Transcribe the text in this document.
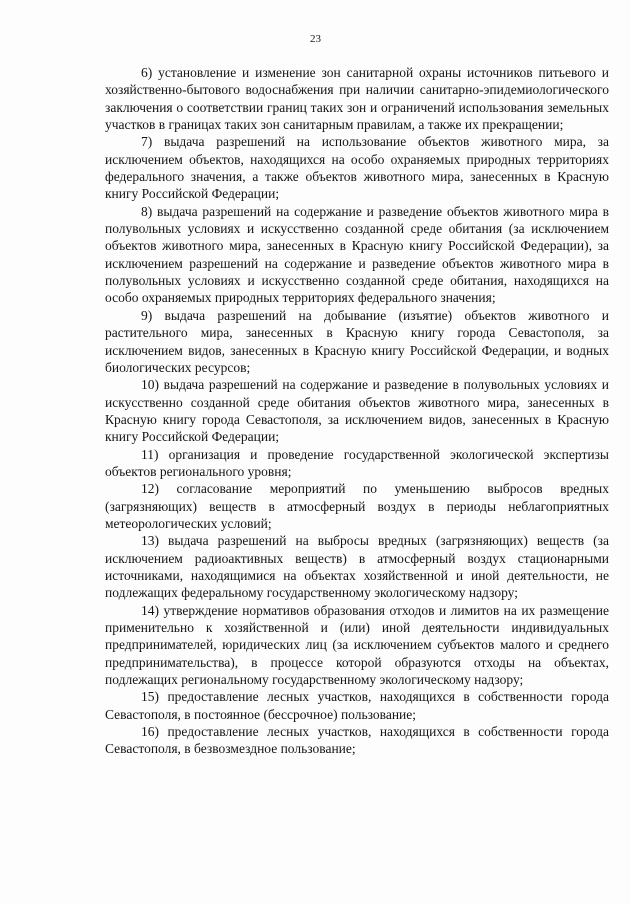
23

6) установление и изменение зон санитарной охраны источников питьевого и хозяйственно-бытового водоснабжения при наличии санитарно-эпидемиологического заключения о соответствии границ таких зон и ограничений использования земельных участков в границах таких зон санитарным правилам, а также их прекращении;

7) выдача разрешений на использование объектов животного мира, за исключением объектов, находящихся на особо охраняемых природных территориях федерального значения, а также объектов животного мира, занесенных в Красную книгу Российской Федерации;

8) выдача разрешений на содержание и разведение объектов животного мира в полувольных условиях и искусственно созданной среде обитания (за исключением объектов животного мира, занесенных в Красную книгу Российской Федерации), за исключением разрешений на содержание и разведение объектов животного мира в полувольных условиях и искусственно созданной среде обитания, находящихся на особо охраняемых природных территориях федерального значения;

9) выдача разрешений на добывание (изъятие) объектов животного и растительного мира, занесенных в Красную книгу города Севастополя, за исключением видов, занесенных в Красную книгу Российской Федерации, и водных биологических ресурсов;

10) выдача разрешений на содержание и разведение в полувольных условиях и искусственно созданной среде обитания объектов животного мира, занесенных в Красную книгу города Севастополя, за исключением видов, занесенных в Красную книгу Российской Федерации;

11) организация и проведение государственной экологической экспертизы объектов регионального уровня;

12) согласование мероприятий по уменьшению выбросов вредных (загрязняющих) веществ в атмосферный воздух в периоды неблагоприятных метеорологических условий;

13) выдача разрешений на выбросы вредных (загрязняющих) веществ (за исключением радиоактивных веществ) в атмосферный воздух стационарными источниками, находящимися на объектах хозяйственной и иной деятельности, не подлежащих федеральному государственному экологическому надзору;

14) утверждение нормативов образования отходов и лимитов на их размещение применительно к хозяйственной и (или) иной деятельности индивидуальных предпринимателей, юридических лиц (за исключением субъектов малого и среднего предпринимательства), в процессе которой образуются отходы на объектах, подлежащих региональному государственному экологическому надзору;

15) предоставление лесных участков, находящихся в собственности города Севастополя, в постоянное (бессрочное) пользование;

16) предоставление лесных участков, находящихся в собственности города Севастополя, в безвозмездное пользование;
